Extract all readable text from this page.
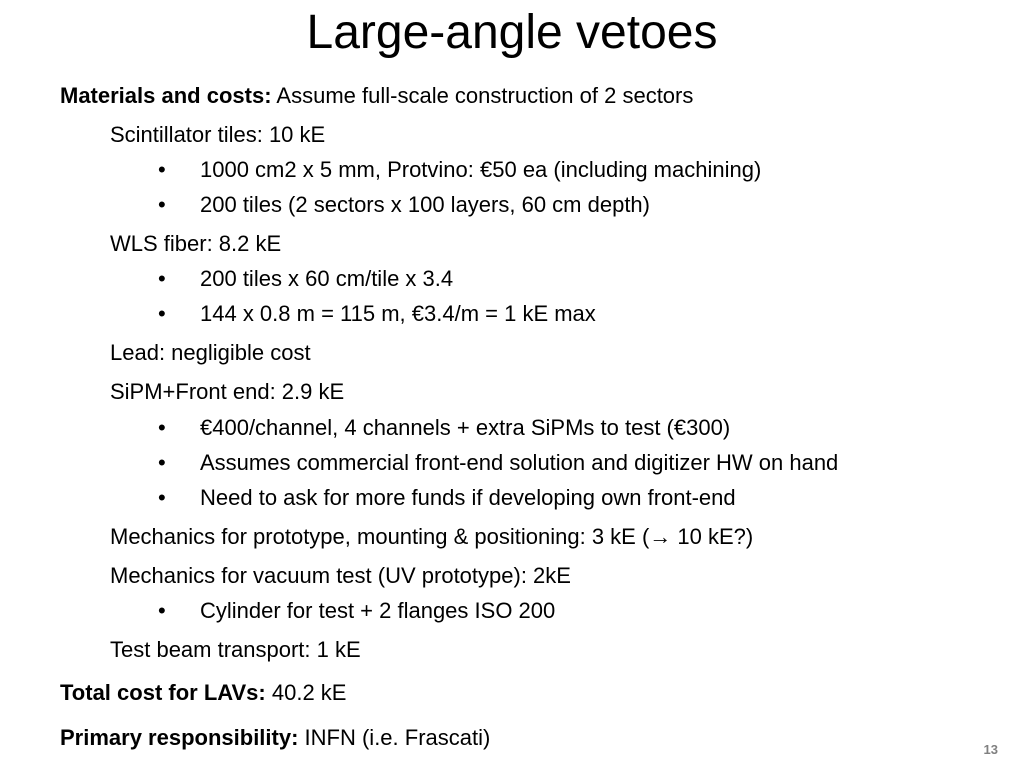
Large-angle vetoes
Materials and costs: Assume full-scale construction of 2 sectors
Scintillator tiles: 10 kE
• 1000 cm2 x 5 mm, Protvino: €50 ea (including machining)
• 200 tiles (2 sectors x 100 layers, 60 cm depth)
WLS fiber: 8.2 kE
• 200 tiles x 60 cm/tile x 3.4
• 144 x 0.8 m = 115 m, €3.4/m = 1 kE max
Lead: negligible cost
SiPM+Front end: 2.9 kE
• €400/channel, 4 channels + extra SiPMs to test (€300)
• Assumes commercial front-end solution and digitizer HW on hand
• Need to ask for more funds if developing own front-end
Mechanics for prototype, mounting & positioning: 3 kE (→ 10 kE?)
Mechanics for vacuum test (UV prototype): 2kE
• Cylinder for test + 2 flanges ISO 200
Test beam transport: 1 kE
Total cost for LAVs: 40.2 kE
Primary responsibility: INFN (i.e. Frascati)	13
